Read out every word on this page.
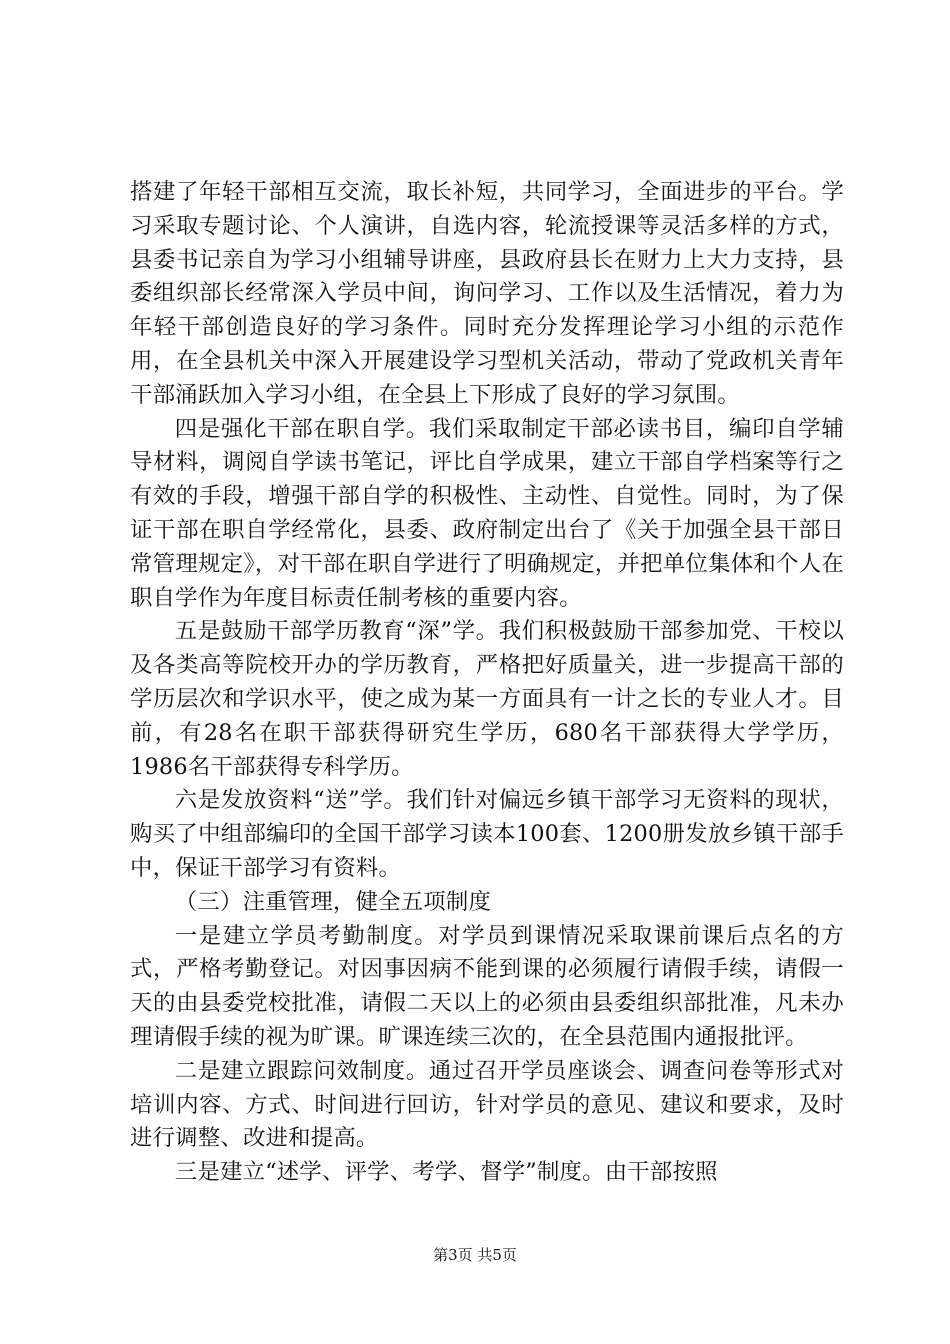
搭建了年轻干部相互交流，取长补短，共同学习，全面进步的平台。学习采取专题讨论、个人演讲，自选内容，轮流授课等灵活多样的方式，县委书记亲自为学习小组辅导讲座，县政府县长在财力上大力支持，县委组织部长经常深入学员中间，询问学习、工作以及生活情况，着力为年轻干部创造良好的学习条件。同时充分发挥理论学习小组的示范作用，在全县机关中深入开展建设学习型机关活动，带动了党政机关青年干部涌跃加入学习小组，在全县上下形成了良好的学习氛围。

四是强化干部在职自学。我们采取制定干部必读书目，编印自学辅导材料，调阅自学读书笔记，评比自学成果，建立干部自学档案等行之有效的手段，增强干部自学的积极性、主动性、自觉性。同时，为了保证干部在职自学经常化，县委、政府制定出台了《关于加强全县干部日常管理规定》，对干部在职自学进行了明确规定，并把单位集体和个人在职自学作为年度目标责任制考核的重要内容。

五是鼓励干部学历教育“深”学。我们积极鼓励干部参加党、干校以及各类高等院校开办的学历教育，严格把好质量关，进一步提高干部的学历层次和学识水平，使之成为某一方面具有一计之长的专业人才。目前，有28名在职干部获得研究生学历，680名干部获得大学学历，1986名干部获得专科学历。

六是发放资料“送”学。我们针对偏远乡镇干部学习无资料的现状，购买了中组部编印的全国干部学习读本100套、1200册发放乡镇干部手中，保证干部学习有资料。

（三）注重管理，健全五项制度

一是建立学员考勤制度。对学员到课情况采取课前课后点名的方式，严格考勤登记。对因事因病不能到课的必须履行请假手续，请假一天的由县委党校批准，请假二天以上的必须由县委组织部批准，凡未办理请假手续的视为旷课。旷课连续三次的，在全县范围内通报批评。

二是建立跟踪问效制度。通过召开学员座谈会、调查问卷等形式对培训内容、方式、时间进行回访，针对学员的意见、建议和要求，及时进行调整、改进和提高。

三是建立“述学、评学、考学、督学”制度。由干部按照

第3页 共5页
